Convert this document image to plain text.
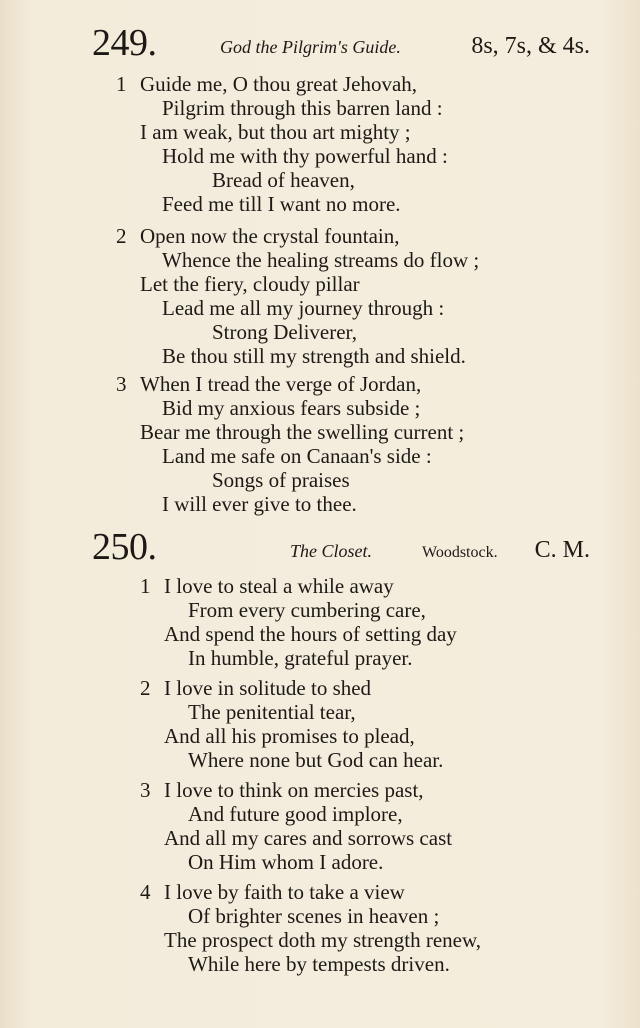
249.	God the Pilgrim's Guide.	8s, 7s, & 4s.
1 Guide me, O thou great Jehovah,
Pilgrim through this barren land :
I am weak, but thou art mighty ;
Hold me with thy powerful hand :
Bread of heaven,
Feed me till I want no more.
2 Open now the crystal fountain,
Whence the healing streams do flow ;
Let the fiery, cloudy pillar
Lead me all my journey through :
Strong Deliverer,
Be thou still my strength and shield.
3 When I tread the verge of Jordan,
Bid my anxious fears subside ;
Bear me through the swelling current ;
Land me safe on Canaan's side :
Songs of praises
I will ever give to thee.
250.	The Closet.	Woodstock. C. M.
1 I love to steal a while away
From every cumbering care,
And spend the hours of setting day
In humble, grateful prayer.
2 I love in solitude to shed
The penitential tear,
And all his promises to plead,
Where none but God can hear.
3 I love to think on mercies past,
And future good implore,
And all my cares and sorrows cast
On Him whom I adore.
4 I love by faith to take a view
Of brighter scenes in heaven ;
The prospect doth my strength renew,
While here by tempests driven.
